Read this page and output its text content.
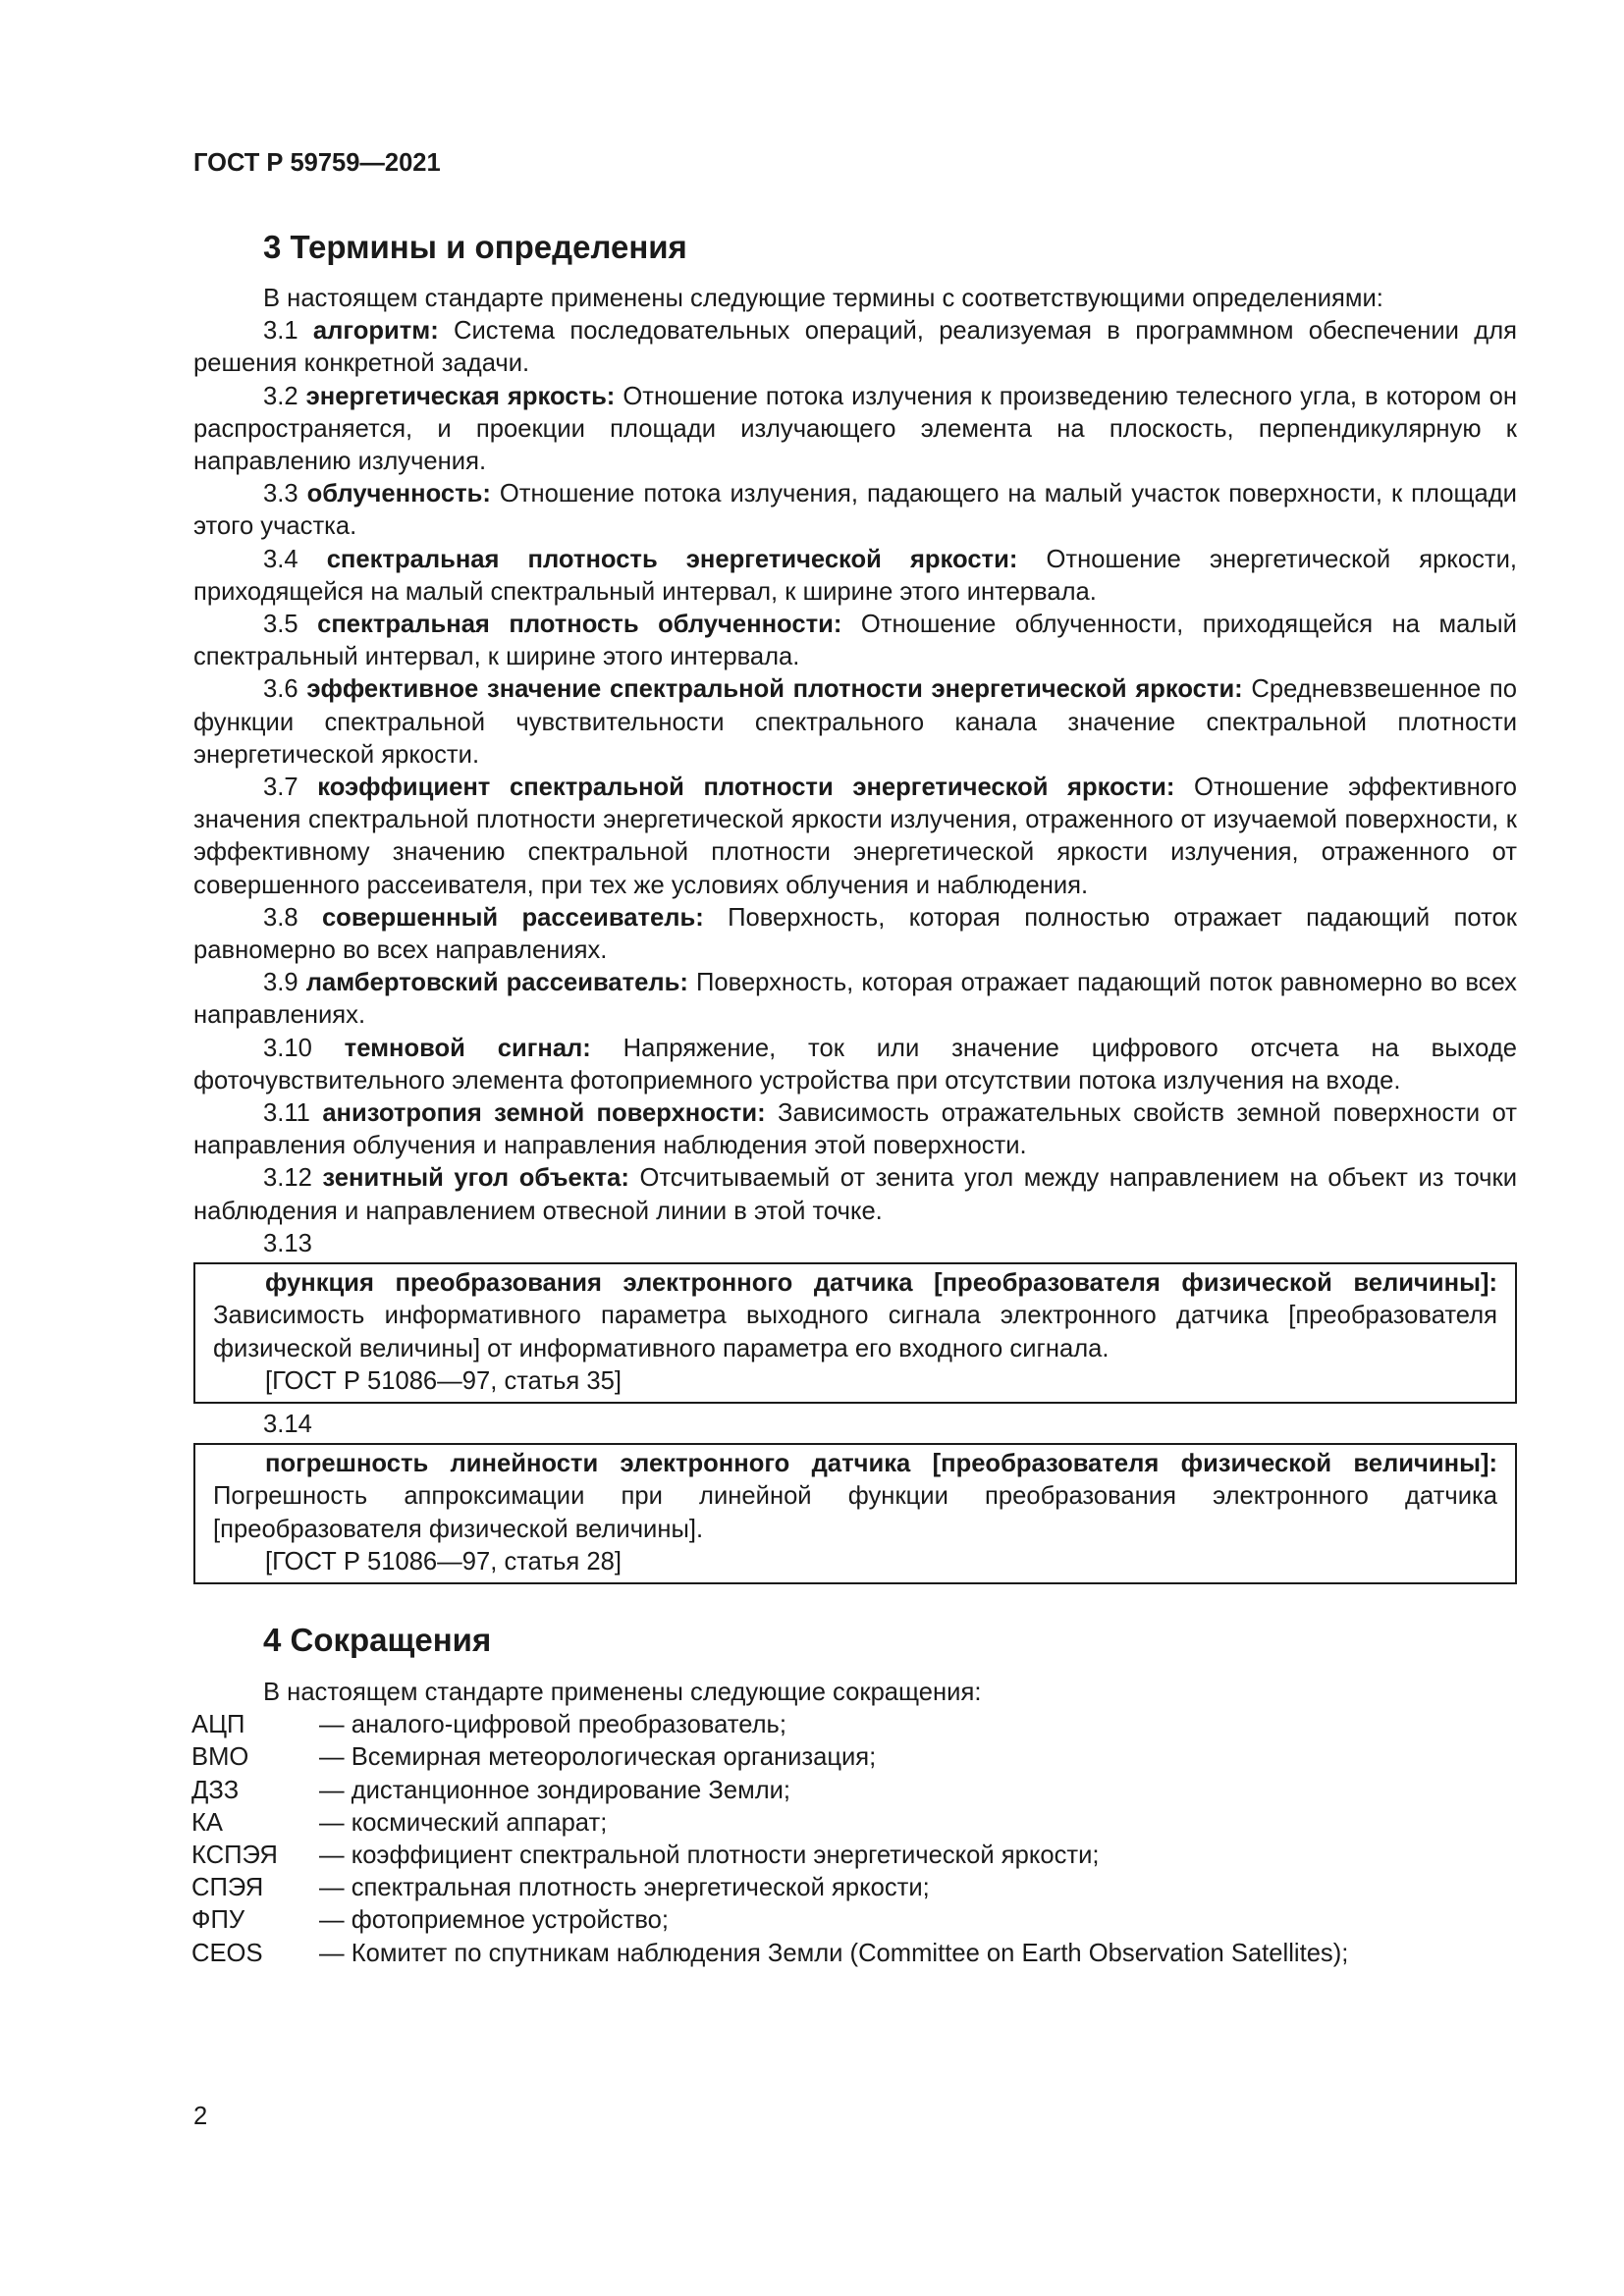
ГОСТ Р 59759—2021
3 Термины и определения

В настоящем стандарте применены следующие термины с соответствующими определениями:

3.1 алгоритм: Система последовательных операций, реализуемая в программном обеспечении для решения конкретной задачи.

3.2 энергетическая яркость: Отношение потока излучения к произведению телесного угла, в котором он распространяется, и проекции площади излучающего элемента на плоскость, перпендикулярную к направлению излучения.

3.3 облученность: Отношение потока излучения, падающего на малый участок поверхности, к площади этого участка.

3.4 спектральная плотность энергетической яркости: Отношение энергетической яркости, приходящейся на малый спектральный интервал, к ширине этого интервала.

3.5 спектральная плотность облученности: Отношение облученности, приходящейся на малый спектральный интервал, к ширине этого интервала.

3.6 эффективное значение спектральной плотности энергетической яркости: Средневзвешенное по функции спектральной чувствительности спектрального канала значение спектральной плотности энергетической яркости.

3.7 коэффициент спектральной плотности энергетической яркости: Отношение эффективного значения спектральной плотности энергетической яркости излучения, отраженного от изучаемой поверхности, к эффективному значению спектральной плотности энергетической яркости излучения, отраженного от совершенного рассеивателя, при тех же условиях облучения и наблюдения.

3.8 совершенный рассеиватель: Поверхность, которая полностью отражает падающий поток равномерно во всех направлениях.

3.9 ламбертовский рассеиватель: Поверхность, которая отражает падающий поток равномерно во всех направлениях.

3.10 темновой сигнал: Напряжение, ток или значение цифрового отсчета на выходе фоточувствительного элемента фотоприемного устройства при отсутствии потока излучения на входе.

3.11 анизотропия земной поверхности: Зависимость отражательных свойств земной поверхности от направления облучения и направления наблюдения этой поверхности.

3.12 зенитный угол объекта: Отсчитываемый от зенита угол между направлением на объект из точки наблюдения и направлением отвесной линии в этой точке.

3.13

функция преобразования электронного датчика [преобразователя физической величины]: Зависимость информативного параметра выходного сигнала электронного датчика [преобразователя физической величины] от информативного параметра его входного сигнала.

[ГОСТ Р 51086—97, статья 35]
3.14

погрешность линейности электронного датчика [преобразователя физической величины]: Погрешность аппроксимации при линейной функции преобразования электронного датчика [преобразователя физической величины].

[ГОСТ Р 51086—97, статья 28]
4 Сокращения

В настоящем стандарте применены следующие сокращения:

АЦП	— аналого-цифровой преобразователь;
ВМО	— Всемирная метеорологическая организация;
ДЗЗ	— дистанционное зондирование Земли;
КА	— космический аппарат;
КСПЭЯ	— коэффициент спектральной плотности энергетической яркости;
СПЭЯ	— спектральная плотность энергетической яркости;
ФПУ	— фотоприемное устройство;
CEOS	— Комитет по спутникам наблюдения Земли (Committee on Earth Observation Satellites);
2
